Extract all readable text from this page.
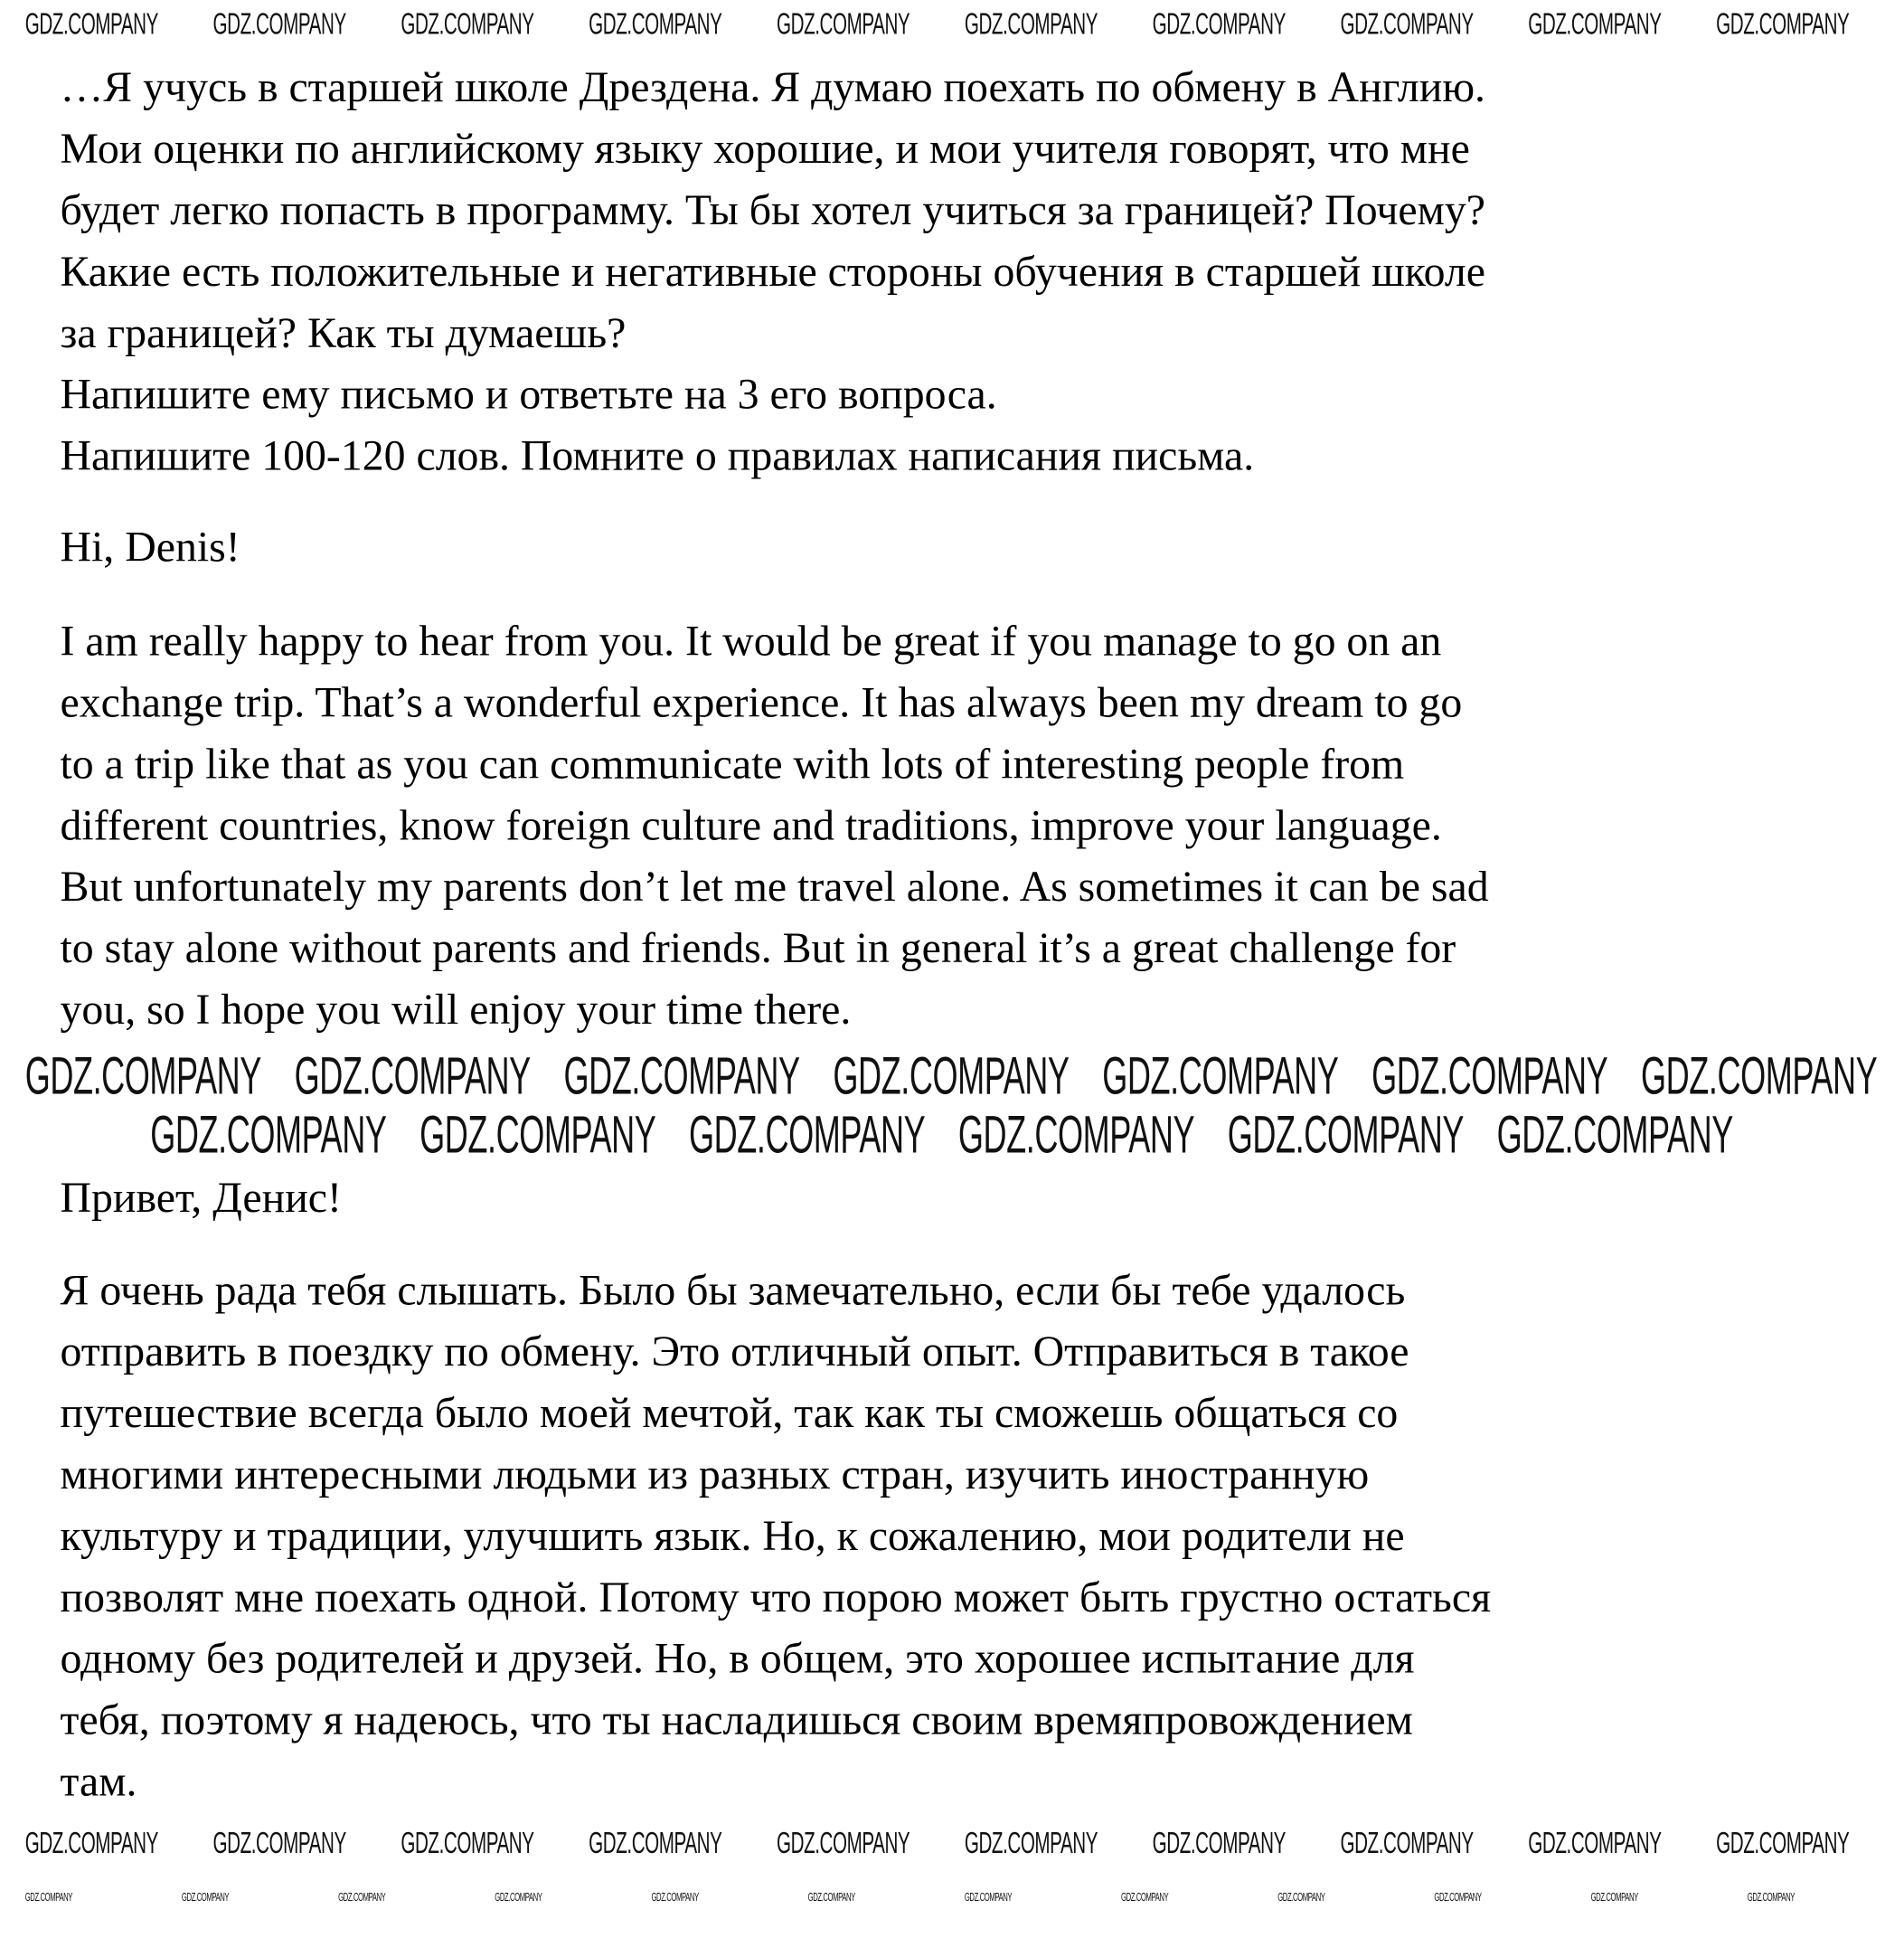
…Я учусь в старшей школе Дрездена. Я думаю поехать по обмену в Англию.
Мои оценки по английскому языку хорошие, и мои учителя говорят, что мне
будет легко попасть в программу. Ты бы хотел учиться за границей? Почему?
Какие есть положительные и негативные стороны обучения в старшей школе
за границей? Как ты думаешь?
Напишите ему письмо и ответьте на 3 его вопроса.
Напишите 100-120 слов. Помните о правилах написания письма.
Hi, Denis!
I am really happy to hear from you. It would be great if you manage to go on an
exchange trip. That’s a wonderful experience. It has always been my dream to go
to a trip like that as you can communicate with lots of interesting people from
different countries, know foreign culture and traditions, improve your language.
But unfortunately my parents don’t let me travel alone. As sometimes it can be sad
to stay alone without parents and friends. But in general it’s a great challenge for
you, so I hope you will enjoy your time there.
Привет, Денис!
Я очень рада тебя слышать. Было бы замечательно, если бы тебе удалось
отправить в поездку по обмену. Это отличный опыт. Отправиться в такое
путешествие всегда было моей мечтой, так как ты сможешь общаться со
многими интересными людьми из разных стран, изучить иностранную
культуру и традиции, улучшить язык. Но, к сожалению, мои родители не
позволят мне поехать одной. Потому что порою может быть грустно остаться
одному без родителей и друзей. Но, в общем, это хорошее испытание для
тебя, поэтому я надеюсь, что ты насладишься своим времяпровождением
там.
GDZ.COMPANY	GDZ.COMPANY	GDZ.COMPANY	GDZ.COMPANY	GDZ.COMPANY	GDZ.COMPANY	GDZ.COMPANY	GDZ.COMPANY	GDZ.COMPANY	GDZ.COMPANY
GDZ.COMPANY GDZ.COMPANY GDZ.COMPANY GDZ.COMPANY GDZ.COMPANY GDZ.COMPANY GDZ.COMPANY
GDZ.COMPANY GDZ.COMPANY GDZ.COMPANY GDZ.COMPANY GDZ.COMPANY GDZ.COMPANY
GDZ.COMPANY	GDZ.COMPANY	GDZ.COMPANY	GDZ.COMPANY	GDZ.COMPANY	GDZ.COMPANY	GDZ.COMPANY	GDZ.COMPANY	GDZ.COMPANY	GDZ.COMPANY
GDZ.COMPANY	GDZ.COMPANY	GDZ.COMPANY	GDZ.COMPANY	GDZ.COMPANY	GDZ.COMPANY	GDZ.COMPANY	GDZ.COMPANY	GDZ.COMPANY	GDZ.COMPANY	GDZ.COMPANY	GDZ.COMPANY
